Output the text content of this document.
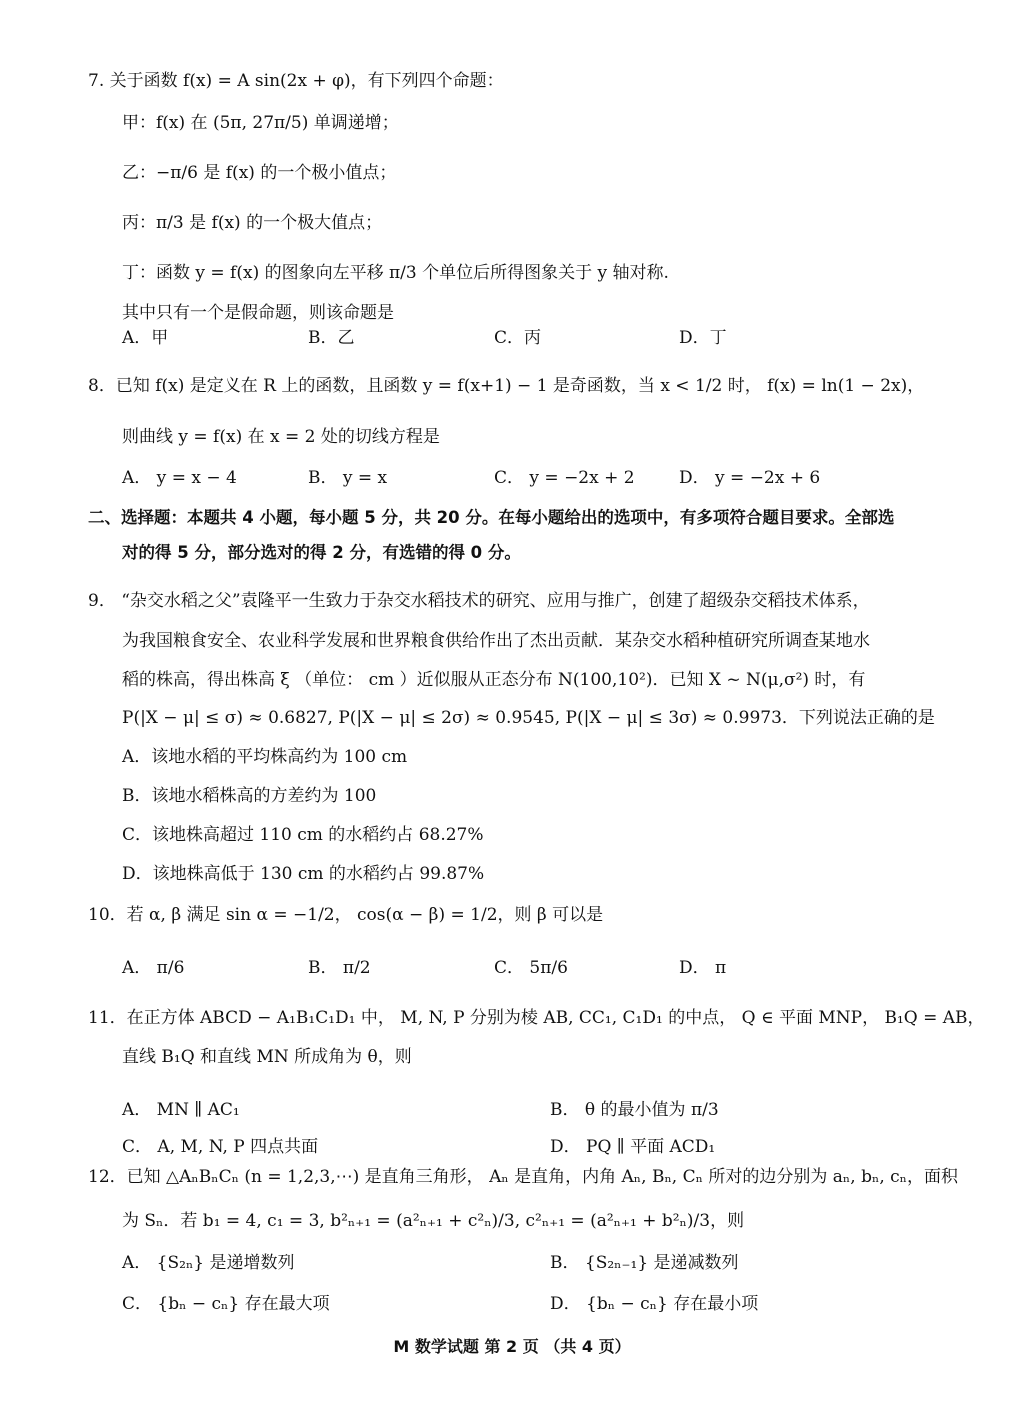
7. 关于函数 f(x) = A sin(2x + φ)，有下列四个命题：
甲：f(x) 在 (5π, 27π/5) 单调递增；
乙：−π/6 是 f(x) 的一个极小值点；
丙：π/3 是 f(x) 的一个极大值点；
丁：函数 y = f(x) 的图象向左平移 π/3 个单位后所得图象关于 y 轴对称.
其中只有一个是假命题，则该命题是
A．甲	B．乙	C．丙	D．丁
8．已知 f(x) 是定义在 R 上的函数，且函数 y = f(x+1) − 1 是奇函数，当 x < 1/2 时， f(x) = ln(1 − 2x)，
则曲线 y = f(x) 在 x = 2 处的切线方程是
A． y = x − 4	B． y = x	C． y = −2x + 2	D． y = −2x + 6
二、选择题：本题共 4 小题，每小题 5 分，共 20 分。在每小题给出的选项中，有多项符合题目要求。全部选
对的得 5 分，部分选对的得 2 分，有选错的得 0 分。
9． “杂交水稻之父”袁隆平一生致力于杂交水稻技术的研究、应用与推广，创建了超级杂交稻技术体系，
为我国粮食安全、农业科学发展和世界粮食供给作出了杰出贡献．某杂交水稻种植研究所调查某地水
稻的株高，得出株高 ξ （单位： cm ）近似服从正态分布 N(100,10²)．已知 X ~ N(μ,σ²) 时，有
P(|X − μ| ≤ σ) ≈ 0.6827, P(|X − μ| ≤ 2σ) ≈ 0.9545, P(|X − μ| ≤ 3σ) ≈ 0.9973．下列说法正确的是
A．该地水稻的平均株高约为 100 cm
B．该地水稻株高的方差约为 100
C．该地株高超过 110 cm 的水稻约占 68.27%
D．该地株高低于 130 cm 的水稻约占 99.87%
10．若 α, β 满足 sin α = −1/2， cos(α − β) = 1/2，则 β 可以是
A． π/6	B． π/2	C． 5π/6	D． π
11．在正方体 ABCD − A₁B₁C₁D₁ 中， M, N, P 分别为棱 AB, CC₁, C₁D₁ 的中点， Q ∈ 平面 MNP， B₁Q = AB，
直线 B₁Q 和直线 MN 所成角为 θ，则
A． MN ∥ AC₁	B． θ 的最小值为 π/3
C． A, M, N, P 四点共面	D． PQ ∥ 平面 ACD₁
12．已知 △AₙBₙCₙ (n = 1,2,3,⋯) 是直角三角形， Aₙ 是直角，内角 Aₙ, Bₙ, Cₙ 所对的边分别为 aₙ, bₙ, cₙ，面积
为 Sₙ．若 b₁ = 4, c₁ = 3, b²ₙ₊₁ = (a²ₙ₊₁ + c²ₙ)/3, c²ₙ₊₁ = (a²ₙ₊₁ + b²ₙ)/3，则
A． {S₂ₙ} 是递增数列	B． {S₂ₙ₋₁} 是递减数列
C． {bₙ − cₙ} 存在最大项	D． {bₙ − cₙ} 存在最小项
M 数学试题 第 2 页 （共 4 页）
